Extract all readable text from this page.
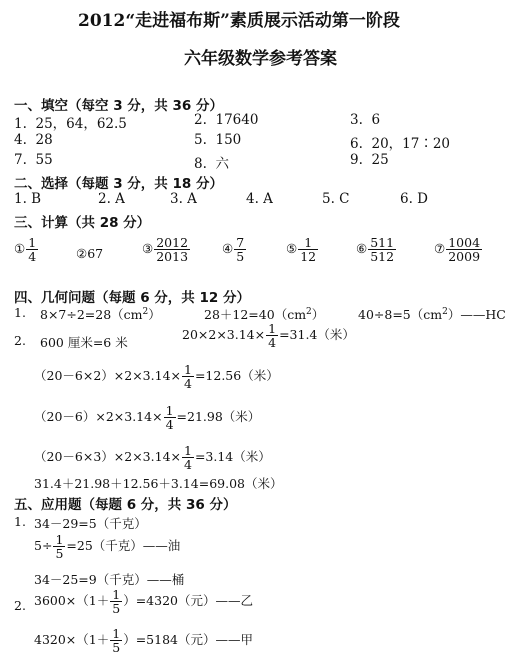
2012“走进福布斯”素质展示活动第一阶段
六年级数学参考答案
一、填空（每空 3 分，共 36 分）
1. 25，64，62.5	2. 17640	3. 6
4. 28	5. 150	6. 20，17∶20
7. 55	8. 六	9. 25
二、选择（每题 3 分，共 18 分）
1. B	2. A	3. A	4. A	5. C	6. D
三、计算（共 28 分）
① $\frac{1}{4}$	②67	③ $\frac{2012}{2013}$	④ $\frac{7}{5}$	⑤ $\frac{1}{12}$	⑥ $\frac{511}{512}$	⑦ $\frac{1004}{2009}$
四、几何问题（每题 6 分，共 12 分）
1. $8\times 7\div 2=28(cm^2)$	$28+12=40(cm^2)$	$40\div 8=5(cm^2)——HC$
2. 600 厘米=6 米
$20\times 2\times 3.14\times \frac{1}{4} =31.4$（米）
$(20-6\times 2)\times 2\times 3.14\times \frac{1}{4} =12.56$（米）
$(20-6)\times 2\times 3.14\times \frac{1}{4} =21.98$（米）
$(20-6\times 3)\times 2\times 3.14\times \frac{1}{4} =3.14$（米）
31.4＋21.98＋12.56＋3.14=69.08（米）
五、应用题（每题 6 分，共 36 分）
1. 34－29=5（千克）
$5\div \frac{1}{5} =25$（千克）——油
34－25=9（千克）——桶
2. $3600\times(1+ \frac{1}{5} )=4320$（元）——乙
$4320\times(1+ \frac{1}{5} )=5184$（元）——甲
